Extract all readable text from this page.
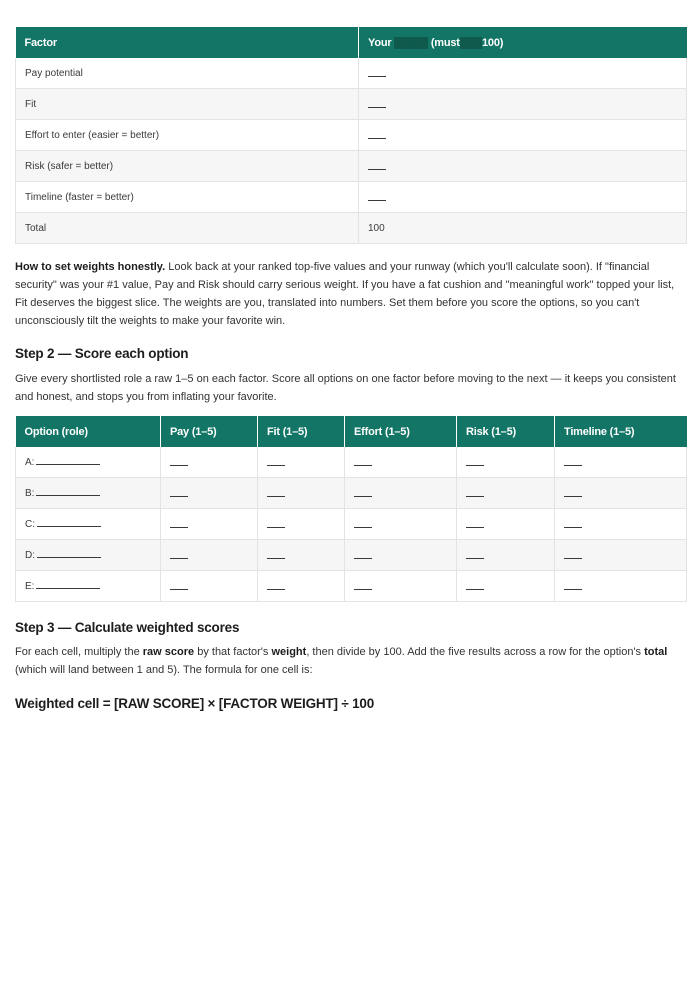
Factor	Your weight (musttotal100)
Pay potential	
Fit	
Effort to enter (easier = better)	
Risk (safer = better)	
Timeline (faster = better)	
Total	100

How to set weights honestly. Look back at your ranked top-five values and your runway (which you'll calculate soon). If "financial security" was your #1 value, Pay and Risk should carry serious weight. If you have a fat cushion and "meaningful work" topped your list, Fit deserves the biggest slice. The weights are you, translated into numbers. Set them before you score the options, so you can't unconsciously tilt the weights to make your favorite win.

Step 2 — Score each option

Give every shortlisted role a raw 1–5 on each factor. Score all options on one factor before moving to the next — it keeps you consistent and honest, and stops you from inflating your favorite.

Option (role)	Pay (1–5)	Fit (1–5)	Effort (1–5)	Risk (1–5)	Timeline (1–5)
A:					
B:					
C:					
D:					
E:					
Step 3 — Calculate weighted scores

For each cell, multiply the raw score by that factor's weight, then divide by 100. Add the five results across a row for the option's total (which will land between 1 and 5). The formula for one cell is:

Weighted cell = [RAW SCORE] × [FACTOR WEIGHT] ÷ 100
